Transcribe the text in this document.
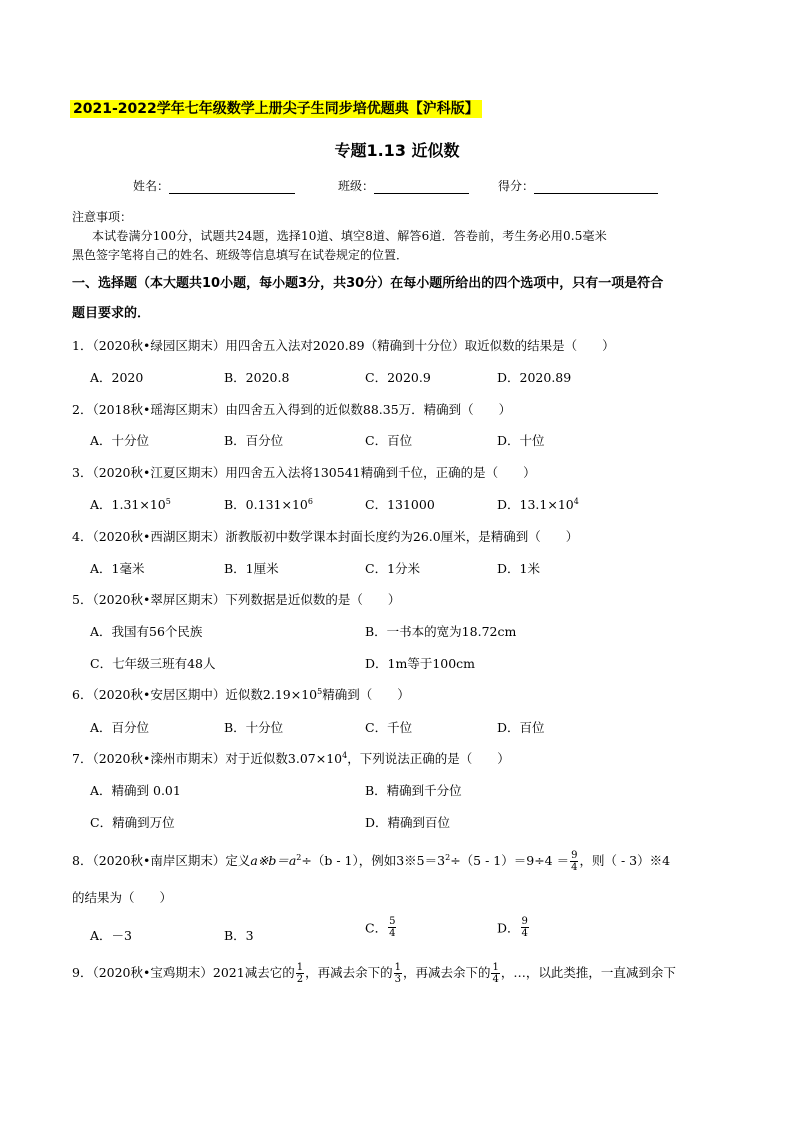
2021-2022学年七年级数学上册尖子生同步培优题典【沪科版】
专题1.13 近似数
姓名：	班级：	得分：
注意事项：
本试卷满分100分，试题共24题，选择10道、填空8道、解答6道．答卷前，考生务必用0.5毫米
黑色签字笔将自己的姓名、班级等信息填写在试卷规定的位置．
一、选择题（本大题共10小题，每小题3分，共30分）在每小题所给出的四个选项中，只有一项是符合
题目要求的．
1．（2020秋•绿园区期末）用四舍五入法对2020.89（精确到十分位）取近似数的结果是（　　）
A．2020	B．2020.8	C．2020.9	D．2020.89
2．（2018秋•瑶海区期末）由四舍五入得到的近似数88.35万．精确到（　　）
A．十分位	B．百分位	C．百位	D．十位
3．（2020秋•江夏区期末）用四舍五入法将130541精确到千位，正确的是（　　）
A．$1.31\times 10^5$	B．$0.131\times 10^6$	C．131000	D．$13.1\times 10^4$
4．（2020秋•西湖区期末）浙教版初中数学课本封面长度约为26.0厘米，是精确到（　　）
A．1毫米	B．1厘米	C．1分米	D．1米
5．（2020秋•翠屏区期末）下列数据是近似数的是（　　）
A．我国有56个民族	B．一书本的宽为18.72cm
C．七年级三班有48人	D．1m等于100cm
6．（2020秋•安居区期中）近似数$2.19\times 10^5$精确到（　　）
A．百分位	B．十分位	C．千位	D．百位
7．（2020秋•滦州市期末）对于近似数$3.07\times 10^4$，下列说法正确的是（　　）
A．精确到 0.01	B．精确到千分位
C．精确到万位	D．精确到百位
8．（2020秋•南岸区期末）定义$a※b=a^2\div(b - 1)$，例如$3※5=3^2\div(5 - 1)=9\div 4 = \frac{9}{4}$ ，则（ - 3）※4
的结果为（　　）
A．－3	B．3	C． $\frac{5}{4}$	D． $\frac{9}{4}$
9．（2020秋•宝鸡期末）2021减去它的 $\frac{1}{2}$ ，再减去余下的 $\frac{1}{3}$ ，再减去余下的 $\frac{1}{4}$ ，…，以此类推，一直减到余下
